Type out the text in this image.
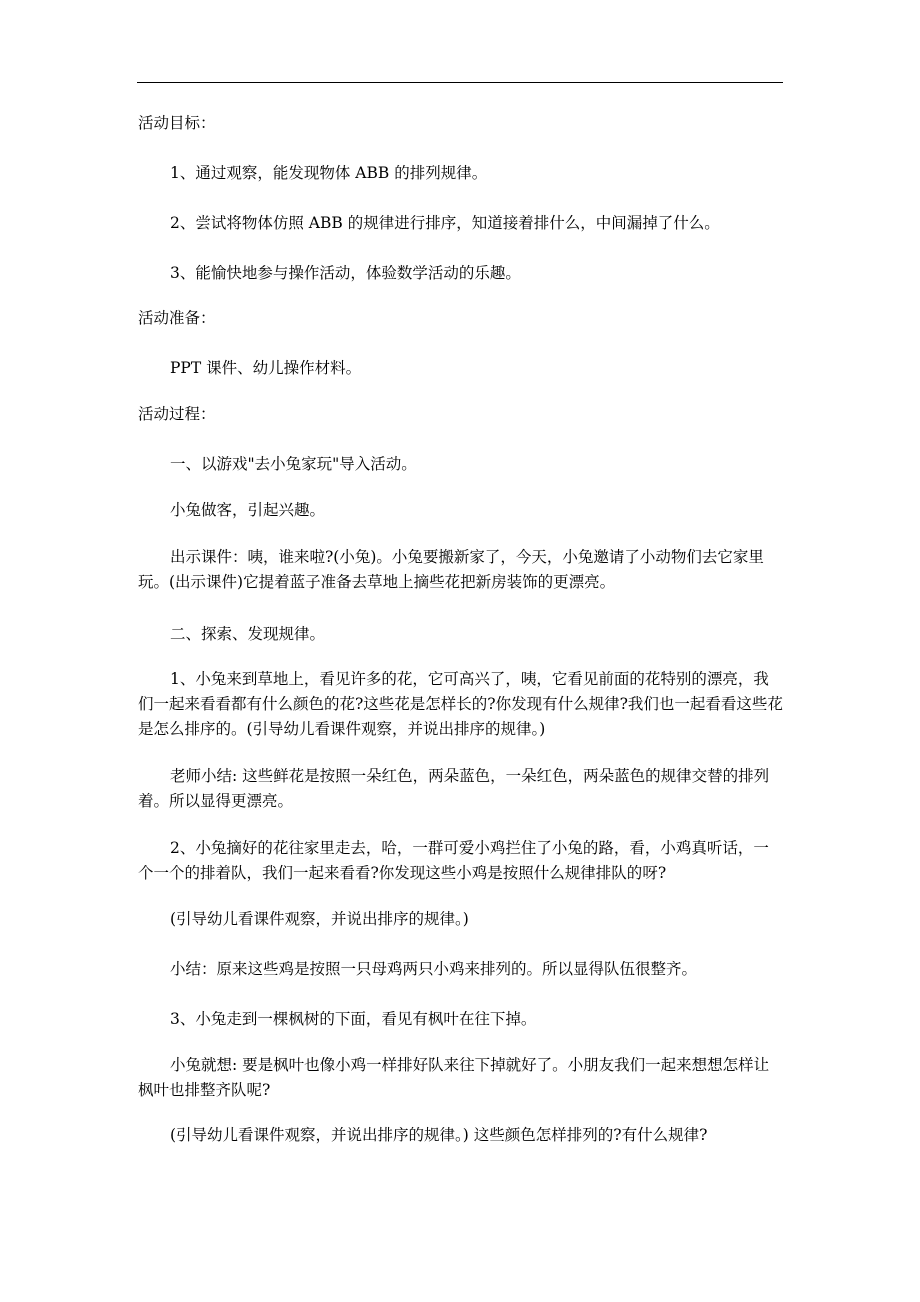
活动目标：
1、通过观察，能发现物体 ABB 的排列规律。
2、尝试将物体仿照 ABB 的规律进行排序，知道接着排什么，中间漏掉了什么。
3、能愉快地参与操作活动，体验数学活动的乐趣。
活动准备：
PPT 课件、幼儿操作材料。
活动过程：
一、以游戏"去小兔家玩"导入活动。
小兔做客，引起兴趣。
出示课件：咦，谁来啦?(小兔)。小兔要搬新家了，今天，小兔邀请了小动物们去它家里玩。(出示课件)它提着蓝子准备去草地上摘些花把新房装饰的更漂亮。
二、探索、发现规律。
1、小兔来到草地上，看见许多的花，它可高兴了，咦，它看见前面的花特别的漂亮，我们一起来看看都有什么颜色的花?这些花是怎样长的?你发现有什么规律?我们也一起看看这些花是怎么排序的。(引导幼儿看课件观察，并说出排序的规律。)
老师小结: 这些鲜花是按照一朵红色，两朵蓝色，一朵红色，两朵蓝色的规律交替的排列着。所以显得更漂亮。
2、小兔摘好的花往家里走去，哈，一群可爱小鸡拦住了小兔的路，看，小鸡真听话，一个一个的排着队，我们一起来看看?你发现这些小鸡是按照什么规律排队的呀?
(引导幼儿看课件观察，并说出排序的规律。)
小结：原来这些鸡是按照一只母鸡两只小鸡来排列的。所以显得队伍很整齐。
3、小兔走到一棵枫树的下面，看见有枫叶在往下掉。
小兔就想: 要是枫叶也像小鸡一样排好队来往下掉就好了。小朋友我们一起来想想怎样让枫叶也排整齐队呢?
(引导幼儿看课件观察，并说出排序的规律。) 这些颜色怎样排列的?有什么规律?
